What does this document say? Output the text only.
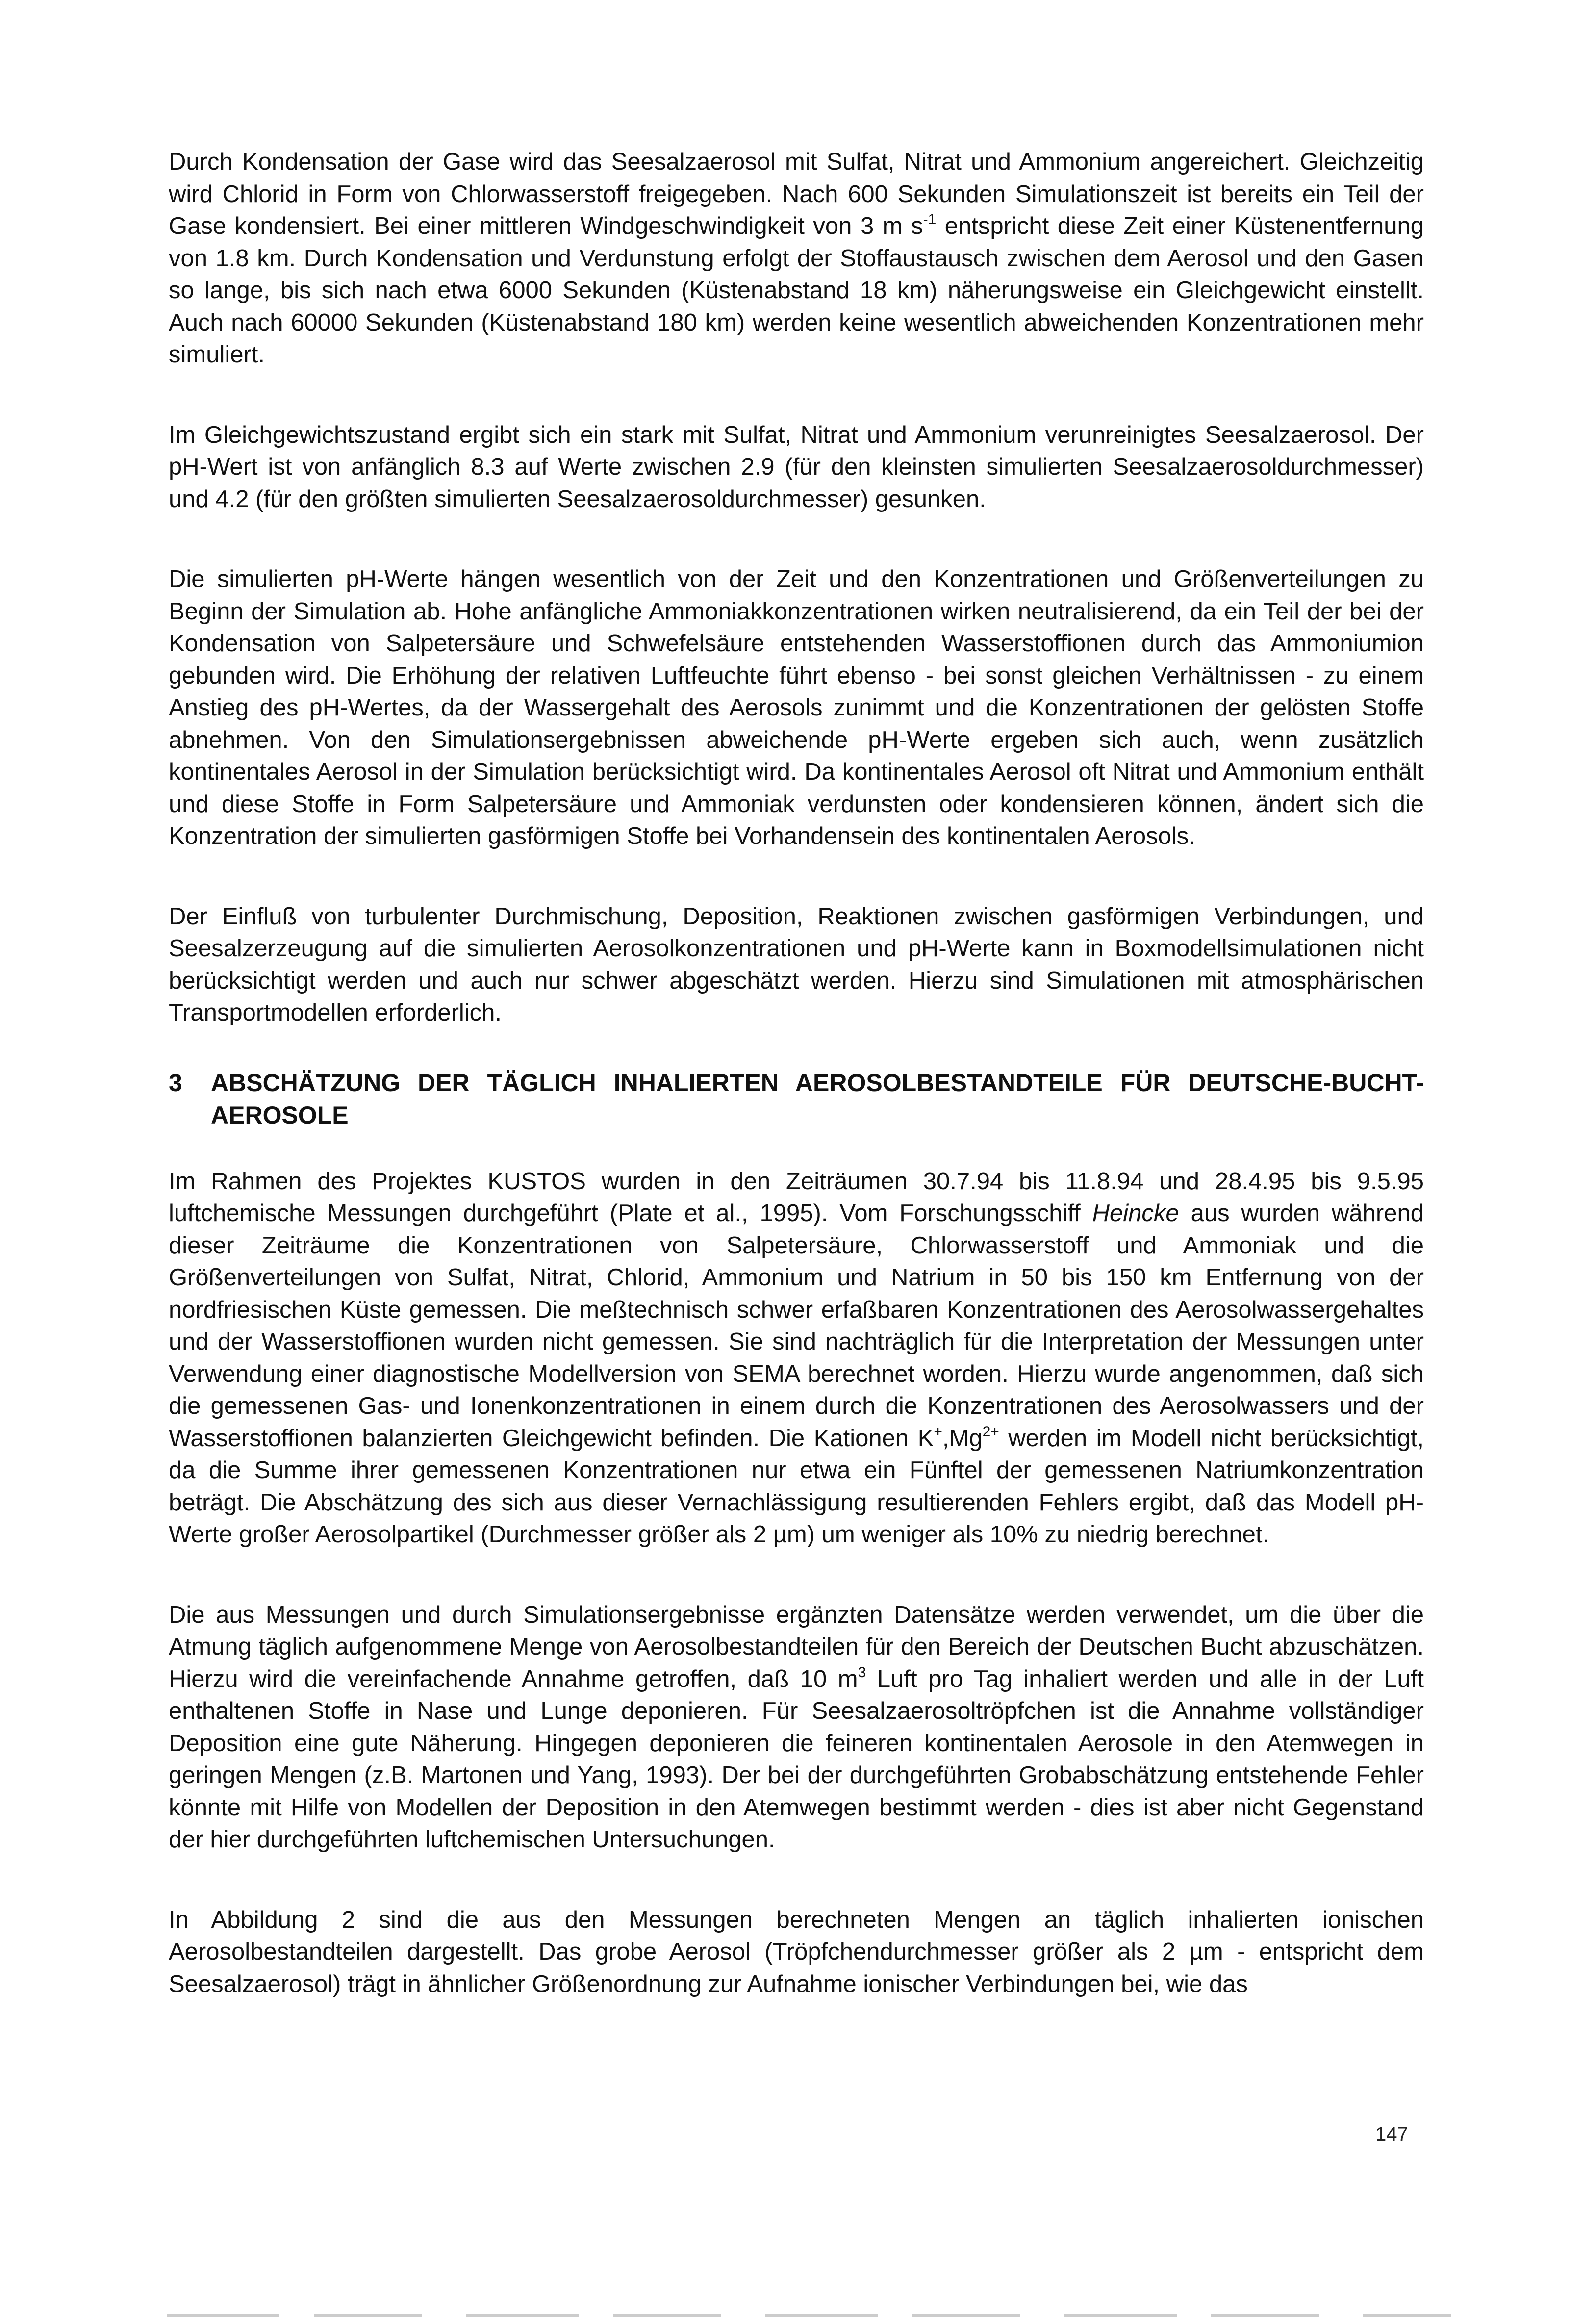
Durch Kondensation der Gase wird das Seesalzaerosol mit Sulfat, Nitrat und Ammonium angereichert. Gleichzeitig wird Chlorid in Form von Chlorwasserstoff freigegeben. Nach 600 Sekunden Simulationszeit ist bereits ein Teil der Gase kondensiert. Bei einer mittleren Windgeschwindigkeit von 3 m $s^{-1}$ entspricht diese Zeit einer Küstenentfernung von 1.8 km. Durch Kondensation und Verdunstung erfolgt der Stoffaustausch zwischen dem Aerosol und den Gasen so lange, bis sich nach etwa 6000 Sekunden (Küstenabstand 18 km) näherungsweise ein Gleichgewicht einstellt. Auch nach 60000 Sekunden (Küstenabstand 180 km) werden keine wesentlich abweichenden Konzentrationen mehr simuliert.

Im Gleichgewichtszustand ergibt sich ein stark mit Sulfat, Nitrat und Ammonium verunreinigtes Seesalzaerosol. Der pH-Wert ist von anfänglich 8.3 auf Werte zwischen 2.9 (für den kleinsten simulierten Seesalzaerosoldurchmesser) und 4.2 (für den größten simulierten Seesalzaerosoldurchmesser) gesunken.

Die simulierten pH-Werte hängen wesentlich von der Zeit und den Konzentrationen und Größenverteilungen zu Beginn der Simulation ab. Hohe anfängliche Ammoniakkonzentrationen wirken neutralisierend, da ein Teil der bei der Kondensation von Salpetersäure und Schwefelsäure entstehenden Wasserstoffionen durch das Ammoniumion gebunden wird. Die Erhöhung der relativen Luftfeuchte führt ebenso - bei sonst gleichen Verhältnissen - zu einem Anstieg des pH-Wertes, da der Wassergehalt des Aerosols zunimmt und die Konzentrationen der gelösten Stoffe abnehmen. Von den Simulationsergebnissen abweichende pH-Werte ergeben sich auch, wenn zusätzlich kontinentales Aerosol in der Simulation berücksichtigt wird. Da kontinentales Aerosol oft Nitrat und Ammonium enthält und diese Stoffe in Form Salpetersäure und Ammoniak verdunsten oder kondensieren können, ändert sich die Konzentration der simulierten gasförmigen Stoffe bei Vorhandensein des kontinentalen Aerosols.

Der Einfluß von turbulenter Durchmischung, Deposition, Reaktionen zwischen gasförmigen Verbindungen, und Seesalzerzeugung auf die simulierten Aerosolkonzentrationen und pH-Werte kann in Boxmodellsimulationen nicht berücksichtigt werden und auch nur schwer abgeschätzt werden. Hierzu sind Simulationen mit atmosphärischen Transportmodellen erforderlich.

3	ABSCHÄTZUNG DER TÄGLICH INHALIERTEN AEROSOLBESTANDTEILE FÜR DEUTSCHE-BUCHT-AEROSOLE

Im Rahmen des Projektes KUSTOS wurden in den Zeiträumen 30.7.94 bis 11.8.94 und 28.4.95 bis 9.5.95 luftchemische Messungen durchgeführt (Plate et al., 1995). Vom Forschungsschiff Heincke aus wurden während dieser Zeiträume die Konzentrationen von Salpetersäure, Chlorwasserstoff und Ammoniak und die Größenverteilungen von Sulfat, Nitrat, Chlorid, Ammonium und Natrium in 50 bis 150 km Entfernung von der nordfriesischen Küste gemessen. Die meßtechnisch schwer erfaßbaren Konzentrationen des Aerosolwassergehaltes und der Wasserstoffionen wurden nicht gemessen. Sie sind nachträglich für die Interpretation der Messungen unter Verwendung einer diagnostische Modellversion von SEMA berechnet worden. Hierzu wurde angenommen, daß sich die gemessenen Gas- und Ionenkonzentrationen in einem durch die Konzentrationen des Aerosolwassers und der Wasserstoffionen balanzierten Gleichgewicht befinden. Die Kationen $K^+,Mg^{2+}$ werden im Modell nicht berücksichtigt, da die Summe ihrer gemessenen Konzentrationen nur etwa ein Fünftel der gemessenen Natriumkonzentration beträgt. Die Abschätzung des sich aus dieser Vernachlässigung resultierenden Fehlers ergibt, daß das Modell pH-Werte großer Aerosolpartikel (Durchmesser größer als 2 µm) um weniger als 10% zu niedrig berechnet.

Die aus Messungen und durch Simulationsergebnisse ergänzten Datensätze werden verwendet, um die über die Atmung täglich aufgenommene Menge von Aerosolbestandteilen für den Bereich der Deutschen Bucht abzuschätzen. Hierzu wird die vereinfachende Annahme getroffen, daß 10 $m^3$ Luft pro Tag inhaliert werden und alle in der Luft enthaltenen Stoffe in Nase und Lunge deponieren. Für Seesalzaerosoltröpfchen ist die Annahme vollständiger Deposition eine gute Näherung. Hingegen deponieren die feineren kontinentalen Aerosole in den Atemwegen in geringen Mengen (z.B. Martonen und Yang, 1993). Der bei der durchgeführten Grobabschätzung entstehende Fehler könnte mit Hilfe von Modellen der Deposition in den Atemwegen bestimmt werden - dies ist aber nicht Gegenstand der hier durchgeführten luftchemischen Untersuchungen.

In Abbildung 2 sind die aus den Messungen berechneten Mengen an täglich inhalierten ionischen Aerosolbestandteilen dargestellt. Das grobe Aerosol (Tröpfchendurchmesser größer als 2 µm - entspricht dem Seesalzaerosol) trägt in ähnlicher Größenordnung zur Aufnahme ionischer Verbindungen bei, wie das

147
